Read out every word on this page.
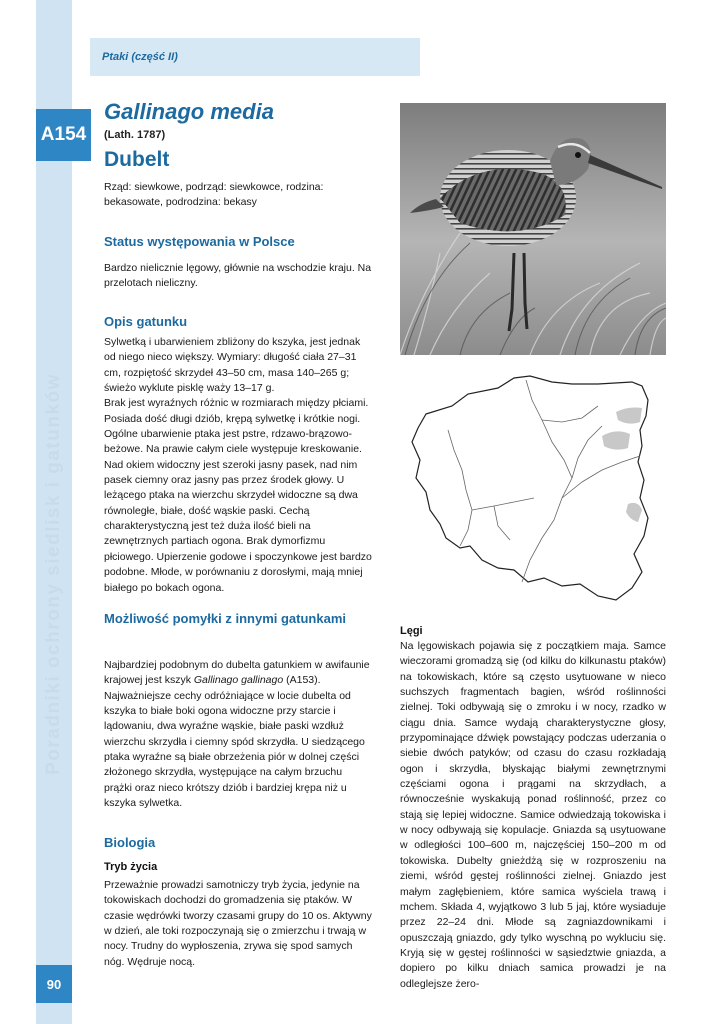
Poradniki ochrony siedlisk i gatunków
Ptaki (część II)
A154
Gallinago media
(Lath. 1787)
Dubelt
Rząd: siewkowe, podrząd: siewkowce, rodzina: bekasowate, podrodzina: bekasy
Status występowania w Polsce

Bardzo nielicznie lęgowy, głównie na wschodzie kraju. Na przelotach nieliczny.

Opis gatunku

Sylwetką i ubarwieniem zbliżony do kszyka, jest jednak od niego nieco większy. Wymiary: długość ciała 27–31 cm, rozpiętość skrzydeł 43–50 cm, masa 140–265 g; świeżo wyklute pisklę waży 13–17 g.

Brak jest wyraźnych różnic w rozmiarach między płciami. Posiada dość długi dziób, krępą sylwetkę i krótkie nogi. Ogólne ubarwienie ptaka jest pstre, rdzawo-brązowo-beżowe. Na prawie całym ciele występuje kreskowanie. Nad okiem widoczny jest szeroki jasny pasek, nad nim pasek ciemny oraz jasny pas przez środek głowy. U leżącego ptaka na wierzchu skrzydeł widoczne są dwa równoległe, białe, dość wąskie paski. Cechą charakterystyczną jest też duża ilość bieli na zewnętrznych partiach ogona. Brak dymorfizmu płciowego. Upierzenie godowe i spoczynkowe jest bardzo podobne. Młode, w porównaniu z dorosłymi, mają mniej białego po bokach ogona.

Możliwość pomyłki z innymi gatunkami

Najbardziej podobnym do dubelta gatunkiem w awifaunie krajowej jest kszyk Gallinago gallinago (A153). Najważniejsze cechy odróżniające w locie dubelta od kszyka to białe boki ogona widoczne przy starcie i lądowaniu, dwa wyraźne wąskie, białe paski wzdłuż wierzchu skrzydła i ciemny spód skrzydła. U siedzącego ptaka wyraźne są białe obrzeżenia piór w dolnej części złożonego skrzydła, występujące na całym brzuchu prążki oraz nieco krótszy dziób i bardziej krępa niż u kszyka sylwetka.

Biologia
Tryb życia

Przeważnie prowadzi samotniczy tryb życia, jedynie na tokowiskach dochodzi do gromadzenia się ptaków. W czasie wędrówki tworzy czasami grupy do 10 os. Aktywny w dzień, ale toki rozpoczynają się o zmierzchu i trwają w nocy. Trudny do wypłoszenia, zrywa się spod samych nóg. Wędruje nocą.

90
Lęgi

Na lęgowiskach pojawia się z początkiem maja. Samce wieczorami gromadzą się (od kilku do kilkunastu ptaków) na tokowiskach, które są często usytuowane w nieco suchszych fragmentach bagien, wśród roślinności zielnej. Toki odbywają się o zmroku i w nocy, rzadko w ciągu dnia. Samce wydają charakterystyczne głosy, przypominające dźwięk powstający podczas uderzania o siebie dwóch patyków; od czasu do czasu rozkładają ogon i skrzydła, błyskając białymi zewnętrznymi częściami ogona i prągami na skrzydłach, a równocześnie wyskakują ponad roślinność, przez co stają się lepiej widoczne. Samice odwiedzają tokowiska i w nocy odbywają się kopulacje. Gniazda są usytuowane w odległości 100–600 m, najczęściej 150–200 m od tokowiska. Dubelty gnieżdżą się w rozproszeniu na ziemi, wśród gęstej roślinności zielnej. Gniazdo jest małym zagłębieniem, które samica wyściela trawą i mchem. Składa 4, wyjątkowo 3 lub 5 jaj, które wysiaduje przez 22–24 dni. Młode są zagniazdownikami i opuszczają gniazdo, gdy tylko wyschną po wykluciu się. Kryją się w gęstej roślinności w sąsiedztwie gniazda, a dopiero po kilku dniach samica prowadzi je na odleglejsze żero-
